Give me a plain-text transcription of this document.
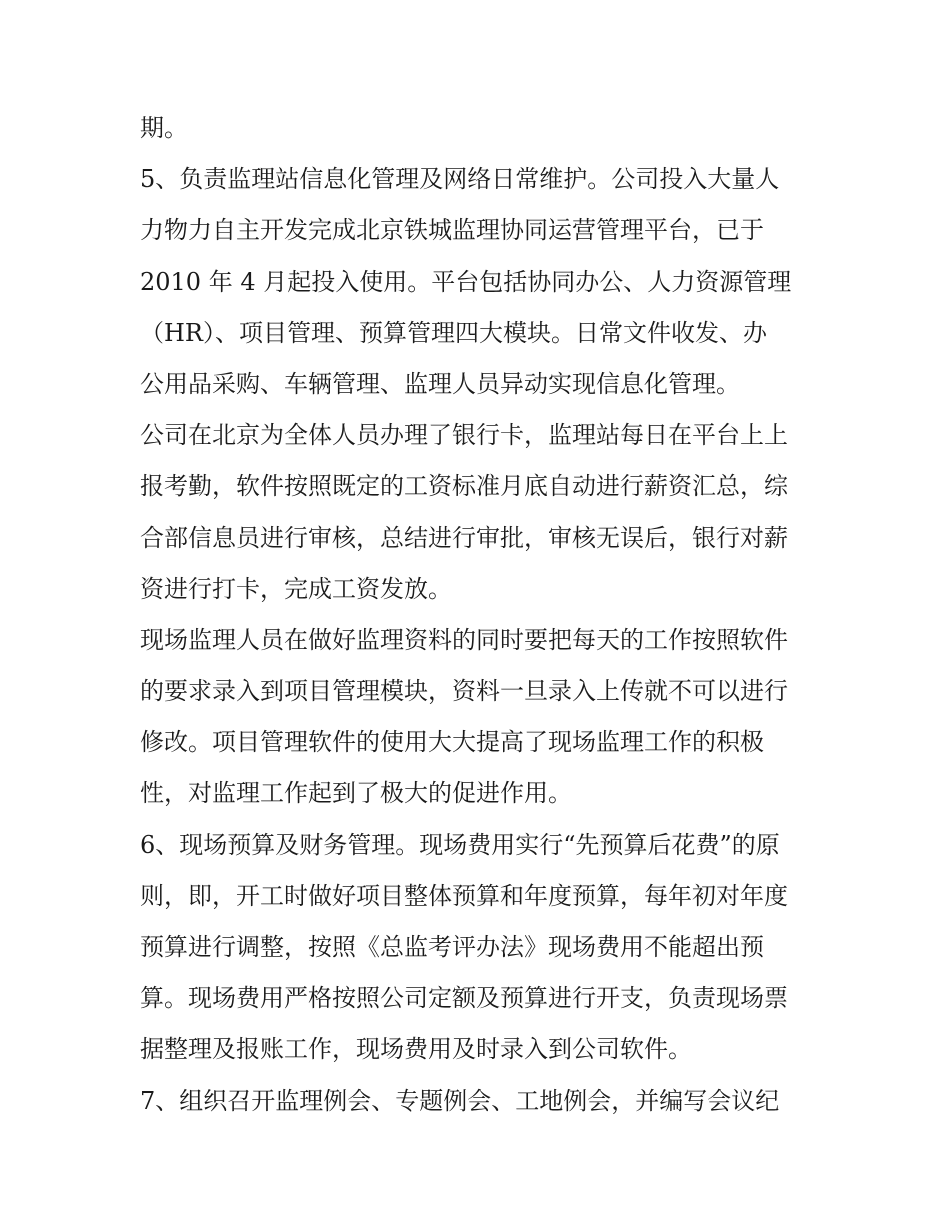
期。
5、负责监理站信息化管理及网络日常维护。公司投入大量人
力物力自主开发完成北京铁城监理协同运营管理平台，已于
2010 年 4 月起投入使用。平台包括协同办公、人力资源管理
（HR）、项目管理、预算管理四大模块。日常文件收发、办
公用品采购、车辆管理、监理人员异动实现信息化管理。
公司在北京为全体人员办理了银行卡，监理站每日在平台上上
报考勤，软件按照既定的工资标准月底自动进行薪资汇总，综
合部信息员进行审核，总结进行审批，审核无误后，银行对薪
资进行打卡，完成工资发放。
现场监理人员在做好监理资料的同时要把每天的工作按照软件
的要求录入到项目管理模块，资料一旦录入上传就不可以进行
修改。项目管理软件的使用大大提高了现场监理工作的积极
性，对监理工作起到了极大的促进作用。
6、现场预算及财务管理。现场费用实行“先预算后花费”的原
则，即，开工时做好项目整体预算和年度预算，每年初对年度
预算进行调整，按照《总监考评办法》现场费用不能超出预
算。现场费用严格按照公司定额及预算进行开支，负责现场票
据整理及报账工作，现场费用及时录入到公司软件。
7、组织召开监理例会、专题例会、工地例会，并编写会议纪
